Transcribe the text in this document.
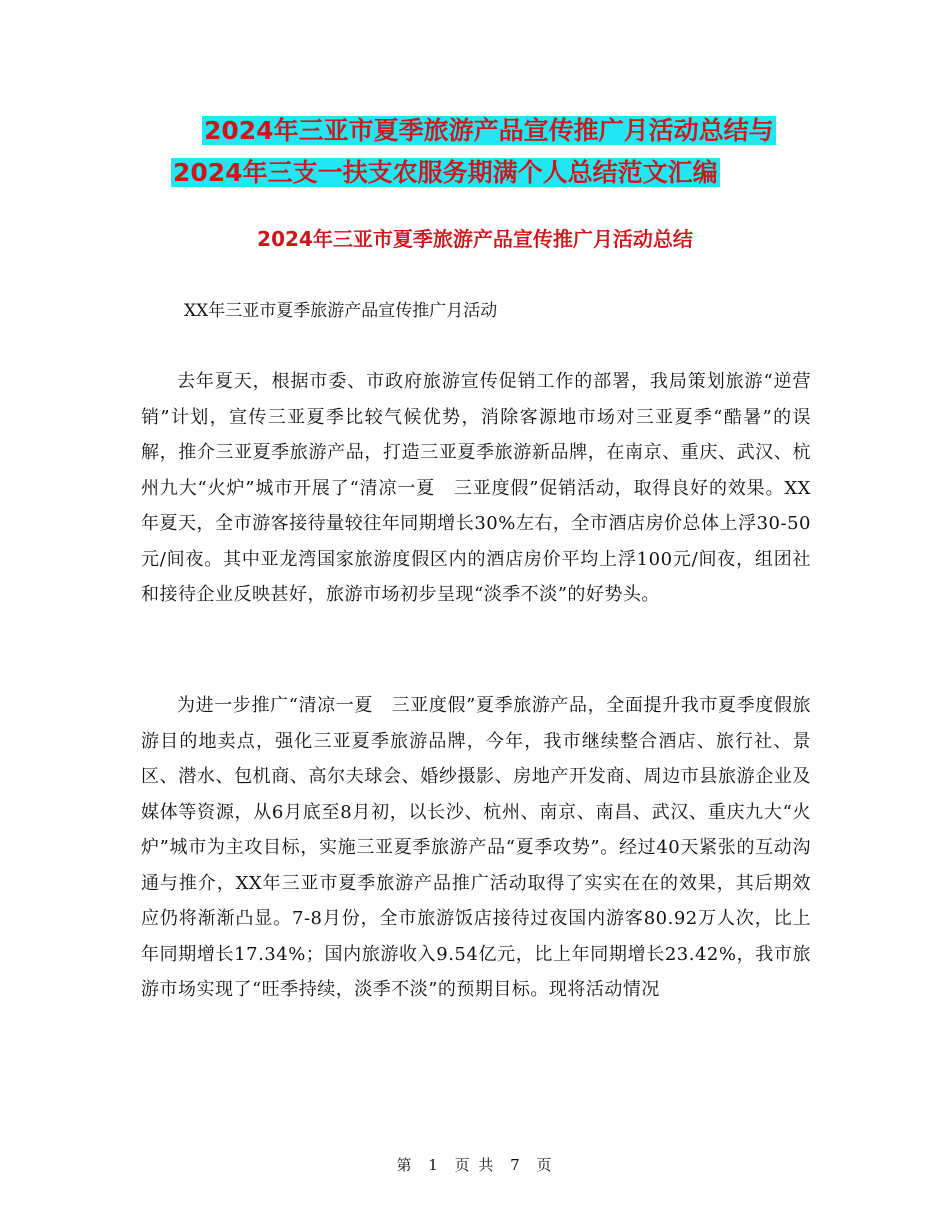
2024年三亚市夏季旅游产品宣传推广月活动总结与
2024年三支一扶支农服务期满个人总结范文汇编
2024年三亚市夏季旅游产品宣传推广月活动总结
XX年三亚市夏季旅游产品宣传推广月活动
去年夏天，根据市委、市政府旅游宣传促销工作的部署，我局策划旅游“逆营销”计划，宣传三亚夏季比较气候优势，消除客源地市场对三亚夏季“酷暑”的误解，推介三亚夏季旅游产品，打造三亚夏季旅游新品牌，在南京、重庆、武汉、杭州九大“火炉”城市开展了“清凉一夏　三亚度假”促销活动，取得良好的效果。XX年夏天，全市游客接待量较往年同期增长30%左右，全市酒店房价总体上浮30-50元/间夜。其中亚龙湾国家旅游度假区内的酒店房价平均上浮100元/间夜，组团社和接待企业反映甚好，旅游市场初步呈现“淡季不淡”的好势头。
为进一步推广“清凉一夏　三亚度假”夏季旅游产品，全面提升我市夏季度假旅游目的地卖点，强化三亚夏季旅游品牌，今年，我市继续整合酒店、旅行社、景区、潜水、包机商、高尔夫球会、婚纱摄影、房地产开发商、周边市县旅游企业及媒体等资源，从6月底至8月初，以长沙、杭州、南京、南昌、武汉、重庆九大“火炉”城市为主攻目标，实施三亚夏季旅游产品“夏季攻势”。经过40天紧张的互动沟通与推介，XX年三亚市夏季旅游产品推广活动取得了实实在在的效果，其后期效应仍将渐渐凸显。7-8月份，全市旅游饭店接待过夜国内游客80.92万人次，比上年同期增长17.34%；国内旅游收入9.54亿元，比上年同期增长23.42%，我市旅游市场实现了“旺季持续，淡季不淡”的预期目标。现将活动情况
第 1 页 共 7 页
